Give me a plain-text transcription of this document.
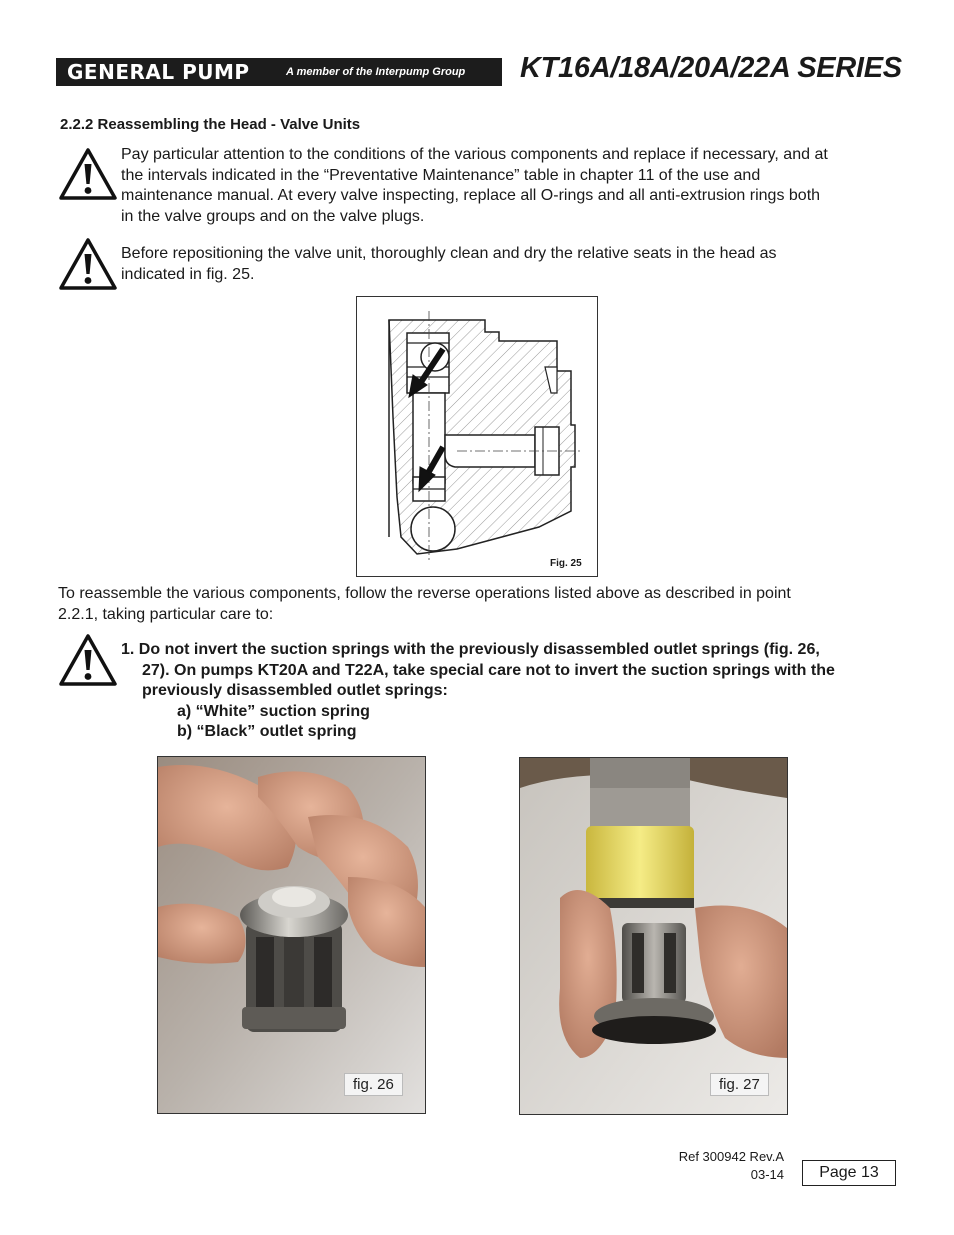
GENERAL PUMP	A member of the Interpump Group KT16A/18A/20A/22A SERIES
2.2.2 Reassembling the Head - Valve Units
Pay particular attention to the conditions of the various components and replace if necessary, and at
the intervals indicated in the “Preventative Maintenance” table in chapter 11 of the use and
maintenance manual. At every valve inspecting, replace all O-rings and all anti-extrusion rings both
in the valve groups and on the valve plugs.
Before repositioning the valve unit, thoroughly clean and dry the relative seats in the head as
indicated in fig. 25.
Fig. 25
To reassemble the various components, follow the reverse operations listed above as described in point
2.2.1, taking particular care to:
1. Do not invert the suction springs with the previously disassembled outlet springs (fig. 26,
27). On pumps KT20A and T22A, take special care not to invert the suction springs with the
previously disassembled outlet springs:
a) “White” suction spring
b) “Black” outlet spring
fig. 26	fig. 27
Ref 300942 Rev.A
03-14	Page 13
